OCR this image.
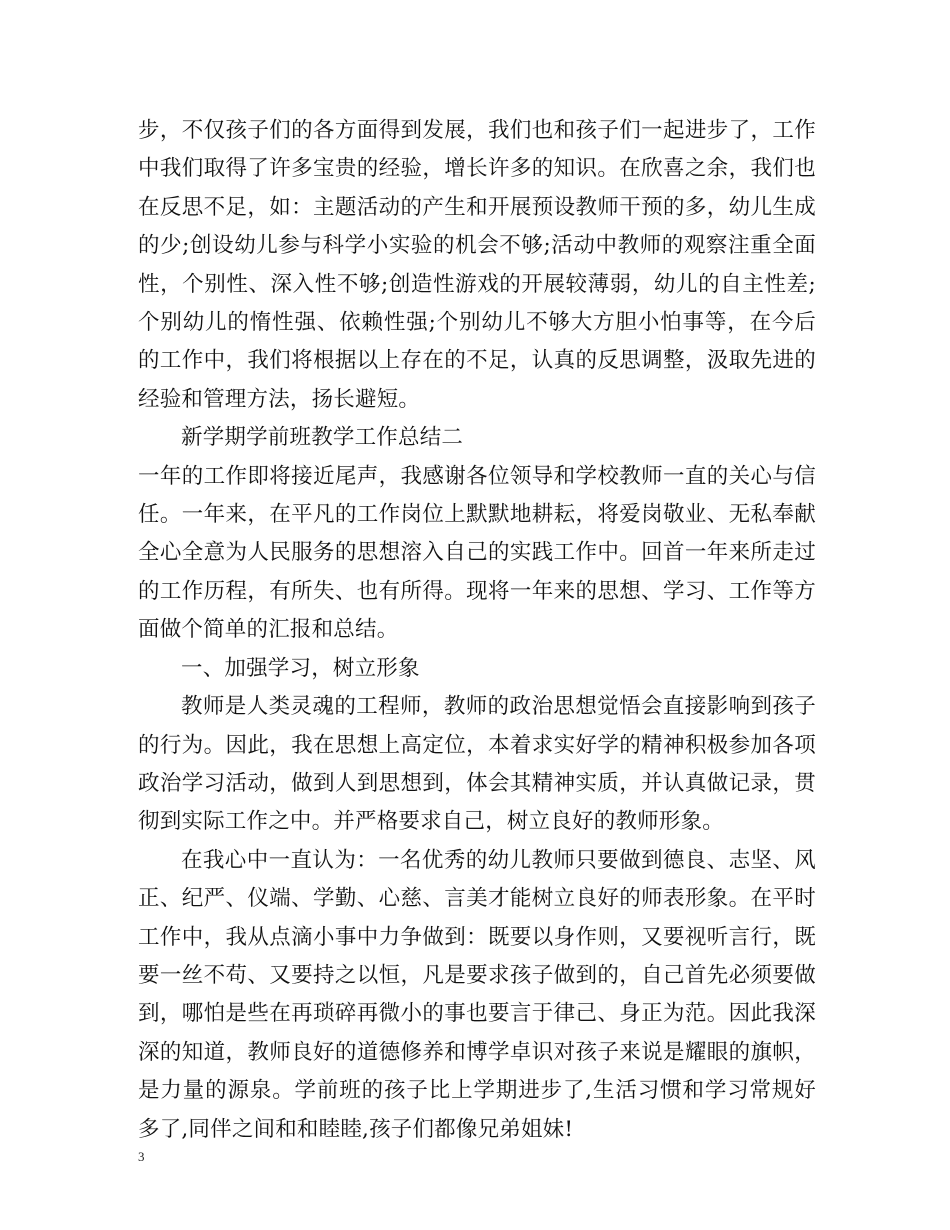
步，不仅孩子们的各方面得到发展，我们也和孩子们一起进步了，工作中我们取得了许多宝贵的经验，增长许多的知识。在欣喜之余，我们也在反思不足，如：主题活动的产生和开展预设教师干预的多，幼儿生成的少;创设幼儿参与科学小实验的机会不够;活动中教师的观察注重全面性，个别性、深入性不够;创造性游戏的开展较薄弱，幼儿的自主性差;个别幼儿的惰性强、依赖性强;个别幼儿不够大方胆小怕事等，在今后的工作中，我们将根据以上存在的不足，认真的反思调整，汲取先进的经验和管理方法，扬长避短。

新学期学前班教学工作总结二

一年的工作即将接近尾声，我感谢各位领导和学校教师一直的关心与信任。一年来，在平凡的工作岗位上默默地耕耘，将爱岗敬业、无私奉献全心全意为人民服务的思想溶入自己的实践工作中。回首一年来所走过的工作历程，有所失、也有所得。现将一年来的思想、学习、工作等方面做个简单的汇报和总结。

一、加强学习，树立形象

教师是人类灵魂的工程师，教师的政治思想觉悟会直接影响到孩子的行为。因此，我在思想上高定位，本着求实好学的精神积极参加各项政治学习活动，做到人到思想到，体会其精神实质，并认真做记录，贯彻到实际工作之中。并严格要求自己，树立良好的教师形象。

在我心中一直认为：一名优秀的幼儿教师只要做到德良、志坚、风正、纪严、仪端、学勤、心慈、言美才能树立良好的师表形象。在平时工作中，我从点滴小事中力争做到：既要以身作则，又要视听言行，既要一丝不苟、又要持之以恒，凡是要求孩子做到的，自己首先必须要做到，哪怕是些在再琐碎再微小的事也要言于律己、身正为范。因此我深深的知道，教师良好的道德修养和博学卓识对孩子来说是耀眼的旗帜，是力量的源泉。学前班的孩子比上学期进步了,生活习惯和学习常规好多了,同伴之间和和睦睦,孩子们都像兄弟姐妹!

3
